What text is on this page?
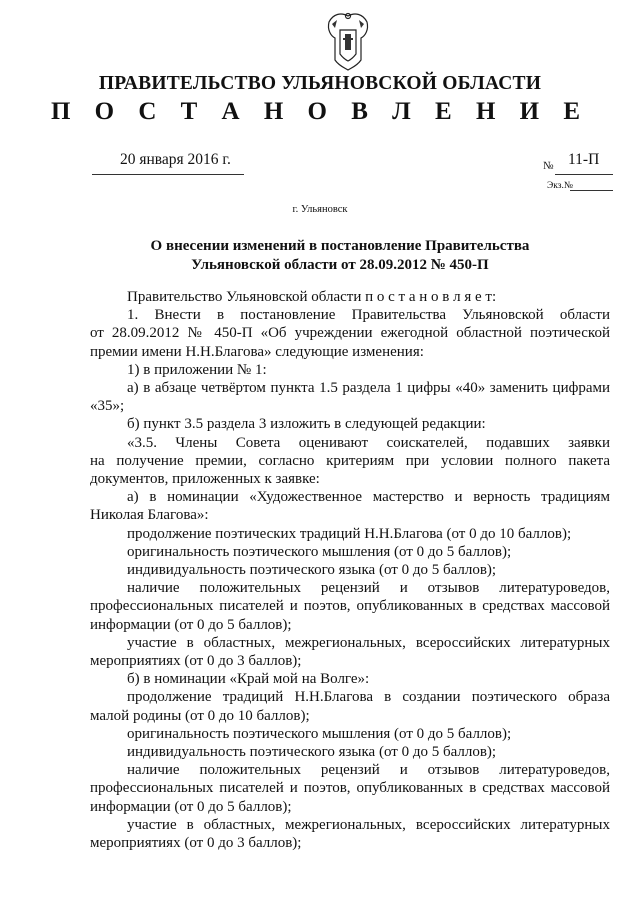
ПРАВИТЕЛЬСТВО УЛЬЯНОВСКОЙ ОБЛАСТИ
П О С Т А Н О В Л Е Н И Е
20 января 2016 г.	№ 11-П
Экз.№
г. Ульяновск
О внесении изменений в постановление Правительства
Ульяновской области от 28.09.2012 № 450-П

Правительство Ульяновской области п о с т а н о в л я е т:

1. Внести в постановление Правительства Ульяновской области

от 28.09.2012 № 450-П «Об учреждении ежегодной областной поэтической

премии имени Н.Н.Благова» следующие изменения:

1) в приложении № 1:

а) в абзаце четвёртом пункта 1.5 раздела 1 цифры «40» заменить цифрами

«35»;

б) пункт 3.5 раздела 3 изложить в следующей редакции:

«3.5. Члены Совета оценивают соискателей, подавших заявки

на получение премии, согласно критериям при условии полного пакета

документов, приложенных к заявке:

а) в номинации «Художественное мастерство и верность традициям

Николая Благова»:

продолжение поэтических традиций Н.Н.Благова (от 0 до 10 баллов);

оригинальность поэтического мышления (от 0 до 5 баллов);

индивидуальность поэтического языка (от 0 до 5 баллов);

наличие положительных рецензий и отзывов литературоведов,

профессиональных писателей и поэтов, опубликованных в средствах массовой

информации (от 0 до 5 баллов);

участие в областных, межрегиональных, всероссийских литературных

мероприятиях (от 0 до 3 баллов);

б) в номинации «Край мой на Волге»:

продолжение традиций Н.Н.Благова в создании поэтического образа

малой родины (от 0 до 10 баллов);

оригинальность поэтического мышления (от 0 до 5 баллов);

индивидуальность поэтического языка (от 0 до 5 баллов);

наличие положительных рецензий и отзывов литературоведов,

профессиональных писателей и поэтов, опубликованных в средствах массовой

информации (от 0 до 5 баллов);

участие в областных, межрегиональных, всероссийских литературных

мероприятиях (от 0 до 3 баллов);
